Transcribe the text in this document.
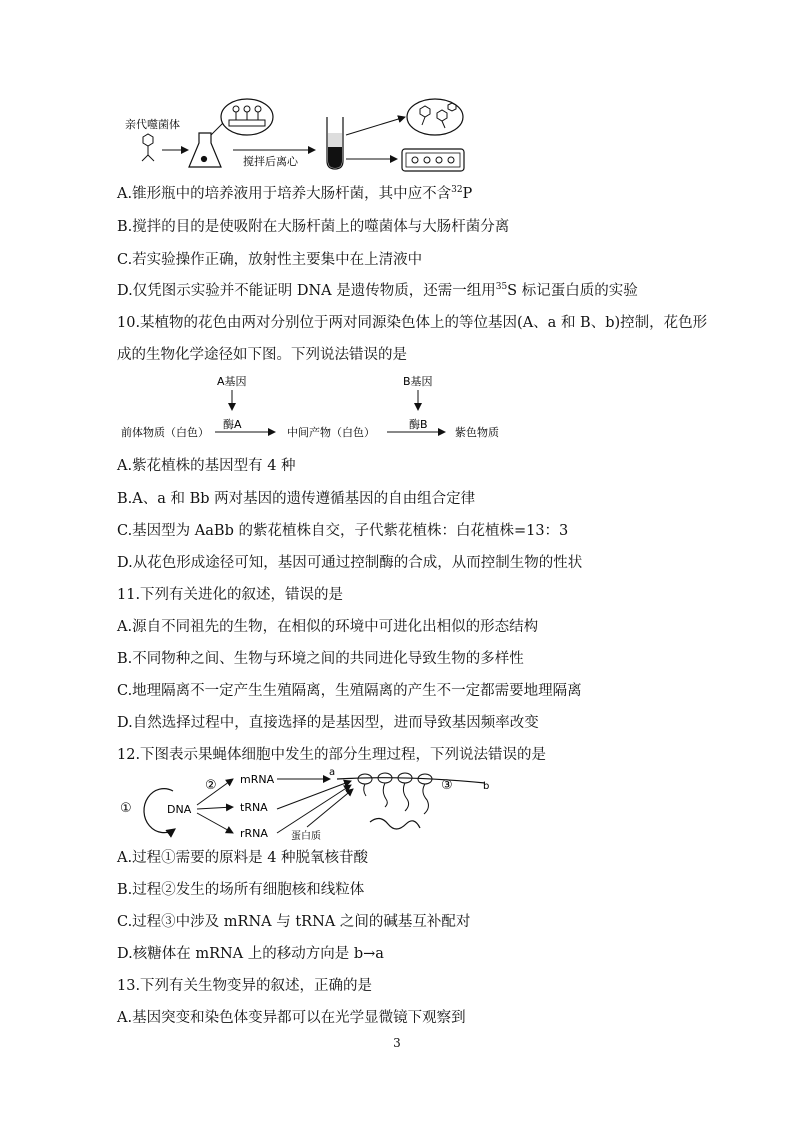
亲代噬菌体
搅拌后离心
A.锥形瓶中的培养液用于培养大肠杆菌，其中应不含$^{32}$P
B.搅拌的目的是使吸附在大肠杆菌上的噬菌体与大肠杆菌分离
C.若实验操作正确，放射性主要集中在上清液中
D.仅凭图示实验并不能证明 DNA 是遗传物质，还需一组用$^{35}$S 标记蛋白质的实验
10.某植物的花色由两对分别位于两对同源染色体上的等位基因(A、a 和 B、b)控制，花色形
成的生物化学途径如下图。下列说法错误的是
A基因
酶A
前体物质（白色）	中间产物（白色）
B基因
酶B
紫色物质
A.紫花植株的基因型有 4 种
B.A、a 和 Bb 两对基因的遗传遵循基因的自由组合定律
C.基因型为 AaBb 的紫花植株自交，子代紫花植株：白花植株=13：3
D.从花色形成途径可知，基因可通过控制酶的合成，从而控制生物的性状
11.下列有关进化的叙述，错误的是
A.源自不同祖先的生物，在相似的环境中可进化出相似的形态结构
B.不同物种之间、生物与环境之间的共同进化导致生物的多样性
C.地理隔离不一定产生生殖隔离，生殖隔离的产生不一定都需要地理隔离
D.自然选择过程中，直接选择的是基因型，进而导致基因频率改变
12.下图表示果蝇体细胞中发生的部分生理过程，下列说法错误的是
①	DNA
② mRNA
tRNA
rRNA 蛋白质
a
③	b
A.过程①需要的原料是 4 种脱氧核苷酸
B.过程②发生的场所有细胞核和线粒体
C.过程③中涉及 mRNA 与 tRNA 之间的碱基互补配对
D.核糖体在 mRNA 上的移动方向是 b→a
13.下列有关生物变异的叙述，正确的是
A.基因突变和染色体变异都可以在光学显微镜下观察到
3
